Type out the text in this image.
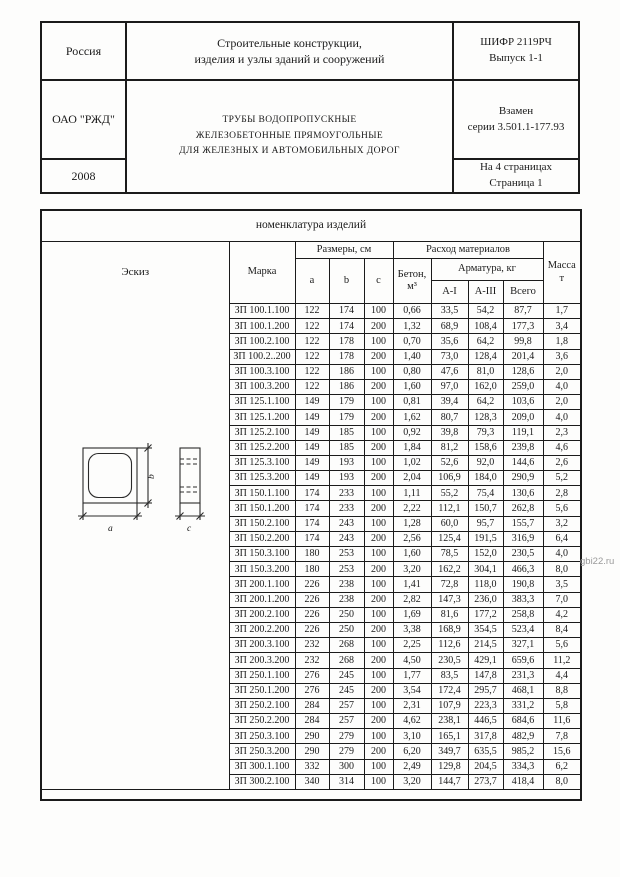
Россия

Строительные конструкции,
изделия и узлы зданий и сооружений

ШИФР 2119РЧ
Выпуск 1-1

ОАО "РЖД"	ТРУБЫ ВОДОПРОПУСКНЫЕ
ЖЕЛЕЗОБЕТОННЫЕ ПРЯМОУГОЛЬНЫЕ
ДЛЯ ЖЕЛЕЗНЫХ И АВТОМОБИЛЬНЫХ ДОРОГ

Взамен
серии 3.501.1-177.93

2008		На 4 страницах
Страница 1
номенклатура изделий									

Эскиз
a
b
c	Марка	Размеры, см			Расход материалов				Масса
т
		a	b	c	Бетон,
м³	Арматура, кг			
						А-I	А-III	Всего	
	ЗП 100.1.100	122	174	100	0,66	33,5	54,2	87,7	1,7
	ЗП 100.1.200	122	174	200	1,32	68,9	108,4	177,3	3,4
	ЗП 100.2.100	122	178	100	0,70	35,6	64,2	99,8	1,8
	ЗП 100.2..200	122	178	200	1,40	73,0	128,4	201,4	3,6
	ЗП 100.3.100	122	186	100	0,80	47,6	81,0	128,6	2,0
	ЗП 100.3.200	122	186	200	1,60	97,0	162,0	259,0	4,0
	ЗП 125.1.100	149	179	100	0,81	39,4	64,2	103,6	2,0
	ЗП 125.1.200	149	179	200	1,62	80,7	128,3	209,0	4,0
	ЗП 125.2.100	149	185	100	0,92	39,8	79,3	119,1	2,3
	ЗП 125.2.200	149	185	200	1,84	81,2	158,6	239,8	4,6
	ЗП 125.3.100	149	193	100	1,02	52,6	92,0	144,6	2,6
	ЗП 125.3.200	149	193	200	2,04	106,9	184,0	290,9	5,2
	ЗП 150.1.100	174	233	100	1,11	55,2	75,4	130,6	2,8
	ЗП 150.1.200	174	233	200	2,22	112,1	150,7	262,8	5,6
	ЗП 150.2.100	174	243	100	1,28	60,0	95,7	155,7	3,2
	ЗП 150.2.200	174	243	200	2,56	125,4	191,5	316,9	6,4
	ЗП 150.3.100	180	253	100	1,60	78,5	152,0	230,5	4,0
	ЗП 150.3.200	180	253	200	3,20	162,2	304,1	466,3	8,0
	ЗП 200.1.100	226	238	100	1,41	72,8	118,0	190,8	3,5
	ЗП 200.1.200	226	238	200	2,82	147,3	236,0	383,3	7,0
	ЗП 200.2.100	226	250	100	1,69	81,6	177,2	258,8	4,2
	ЗП 200.2.200	226	250	200	3,38	168,9	354,5	523,4	8,4
	ЗП 200.3.100	232	268	100	2,25	112,6	214,5	327,1	5,6
	ЗП 200.3.200	232	268	200	4,50	230,5	429,1	659,6	11,2
	ЗП 250.1.100	276	245	100	1,77	83,5	147,8	231,3	4,4
	ЗП 250.1.200	276	245	200	3,54	172,4	295,7	468,1	8,8
	ЗП 250.2.100	284	257	100	2,31	107,9	223,3	331,2	5,8
	ЗП 250.2.200	284	257	200	4,62	238,1	446,5	684,6	11,6
	ЗП 250.3.100	290	279	100	3,10	165,1	317,8	482,9	7,8
	ЗП 250.3.200	290	279	200	6,20	349,7	635,5	985,2	15,6
	ЗП 300.1.100	332	300	100	2,49	129,8	204,5	334,3	6,2
	ЗП 300.2.100	340	314	100	3,20	144,7	273,7	418,4	8,0

gbi22.ru
